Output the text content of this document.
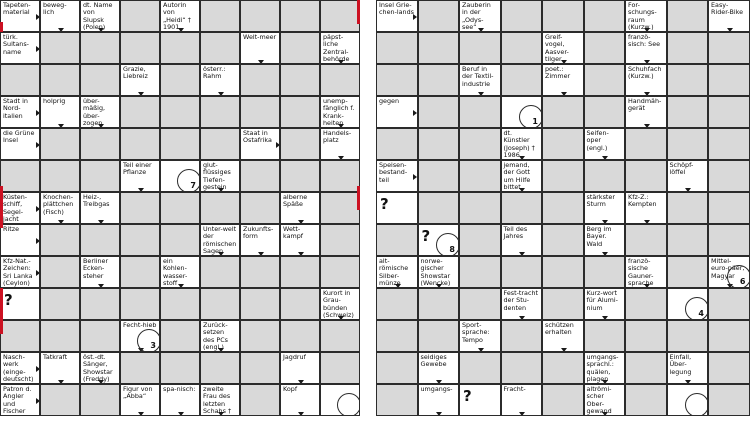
Tapeten-material
beweg-lich
dt. Name von Slupsk (Polen)
Autorin von „Heidi“ † 1901
türk. Sultans-name
Welt-meer	päpst-liche Zentral-behörde
Grazie, Liebreiz
österr.: Rahm
Stadt in Nord-italien
holprig	über-mäßig, über-zogen
unemp-fänglich f. Krank-heiten
die Grüne Insel
Staat in Ostafrika
Handels-platz
Teil einer Pflanze
7
glut-flüssiges Tiefen-gestein
Küsten-schiff, Segel-jacht
Knochen-plättchen (Fisch)
Heiz-, Treibgas
alberne Späße
Ritze	Unter-welt der römischen Sagen
Zukunfts-form
Wett-kampf
Kfz-Nat.-Zeichen: Sri Lanka (Ceylon)
Berliner Ecken-steher
ein Kohlen-wasser-stoff
?	Kurort in Grau-bünden (Schweiz)
Fecht-hieb
3
Zurück-setzen des PCs (engl.)
Nasch-werk (einge-deutscht)
Tatkraft	öst.-dt. Sänger, Showstar (Freddy)
Jagdruf
Patron d. Angler und Fischer
Figur von „Abba“
spa-nisch: zweite Frau des letzten Schahs †
Kopf
Insel Grie-chen-lands
Zauberin in der „Odys-see“
For-schungs-raum (Kurzw.)
Easy-Rider-Bike
Greif-vogel, Aasver-tilger
französisch: See
Beruf in der Textil-industrie
poet.: Zimmer
Schuhfach (Kurzw.)
gegen
1
Handmäh-gerät
dt. Künstler (Joseph) † 1986
Seifen-oper (engl.)
Speisen-bestand-teil
jemand, der Gott um Hilfe bittet
Schöpf-löffel
?	stärkster Sturm
Kfz-Z.: Kempten
?
8
Teil des Jahres
Berg im Bayer. Wald
alt-römische Silber-münze
norwe-gischer Showstar (Wencke)
französische Gauner-sprache
Mittel-euro-päer, Magyar
6
Fest-tracht der Stu-denten
Kurz-wort für Alumi-nium
4
Sport-sprache: Tempo
schützen erhalten
seidiges Gewebe
umgangs-sprachl.: quälen, plagen
Einfall, Über-legung
umgangs- ?	Fracht-	altrömi-scher Ober-gewand
